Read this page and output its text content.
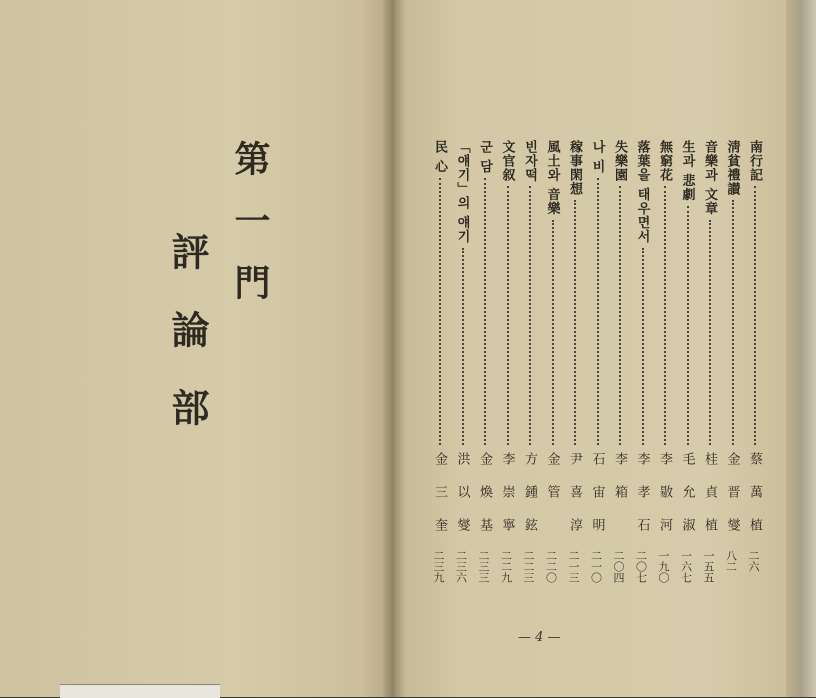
第一門
評論部
南行記
蔡萬植
二六
淸貧禮讃
金晋燮
八二
音樂과 文章
桂貞植
一五五
生과 悲劇
毛允淑
一六七
無窮花
李敭河
一九〇
落葉을 태우면서
李孝石
二〇七
失樂園
李箱
二〇四
나 비
石宙明
二一〇
稼事閑想
尹喜淳
二一三
風土와 音樂
金管
二二〇
빈자떡
方鍾鉉
二二三
文官叙
李崇寧
二二九
군 담
金煥基
二三三
「얘기」의 얘기
洪以燮
二三六
民 心
金三奎
二三九
— 4 —
